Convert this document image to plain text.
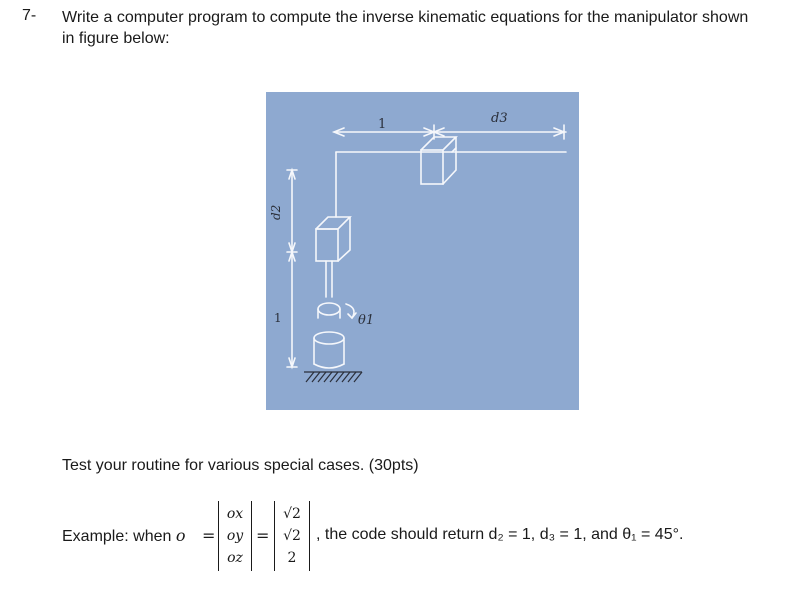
7- Write a computer program to compute the inverse kinematic equations for the manipulator shown in figure below:
1	d3
d2
1	θ1
Test your routine for various special cases. (30pts)
Example: when o =
ox
oy
oz
=
√2
√2
2
, the code should return d₂ = 1, d₃ = 1, and θ₁ = 45°.
